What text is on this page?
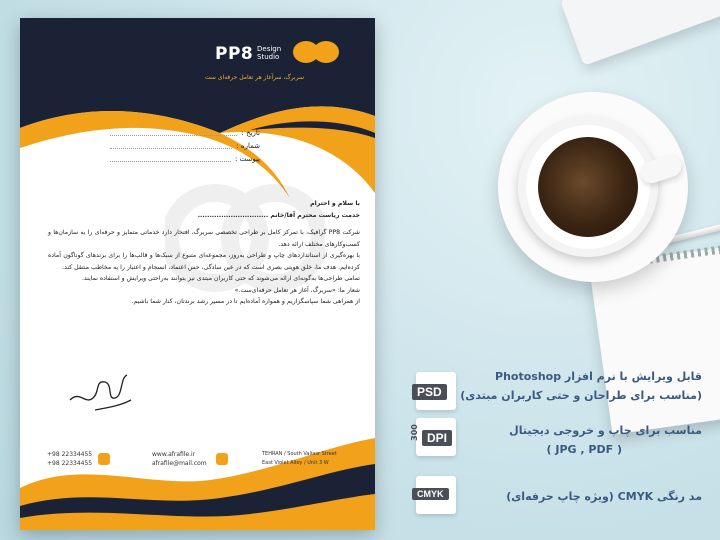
PP8 Design
Studio
سربرگ، سرآغاز هر تعامل حرفه‌ای ست
تاریخ :
شماره :
پیوست :

با سلام و احترام

خدمت ریاست محترم آقا/خانم ..............................

شرکت PP8 گرافیک، با تمرکز کامل بر طراحی تخصصی سربرگ، افتخار دارد خدماتی متمایز و حرفه‌ای را به سازمان‌ها و کسب‌وکارهای مختلف ارائه دهد.

با بهره‌گیری از استانداردهای چاپ و طراحی به‌روز، مجموعه‌ای متنوع از سبک‌ها و قالب‌ها را برای برندهای گوناگون آماده کرده‌ایم. هدف ما، خلق هویتی بصری است که در عین سادگی، حس اعتماد، انسجام و اعتبار را به مخاطب منتقل کند.

تمامی طراحی‌ها به‌گونه‌ای ارائه می‌شوند که حتی کاربران مبتدی نیز بتوانند به‌راحتی ویرایش و استفاده نمایند.

شعار ما: «سربرگ، آغاز هر تعامل حرفه‌ای‌ست.»

از همراهی شما سپاسگزاریم و همواره آماده‌ایم تا در مسیر رشد برندتان، کنار شما باشیم.

+98 22334455
+98 22334455
www.afrafile.ir
afrafile@mail.com
TEHRAN / South Valiasr Street
East Violet Alley / Unit 3 W
قابل ویرایش با نرم افزار Photoshop
(مناسب برای طراحان و حتی کاربران مبتدی)
PSD
مناسب برای چاپ و خروجی دیجیتال
( JPG , PDF )
DPI
300
مد رنگی CMYK (ویژه چاپ حرفه‌ای)
CMYK
